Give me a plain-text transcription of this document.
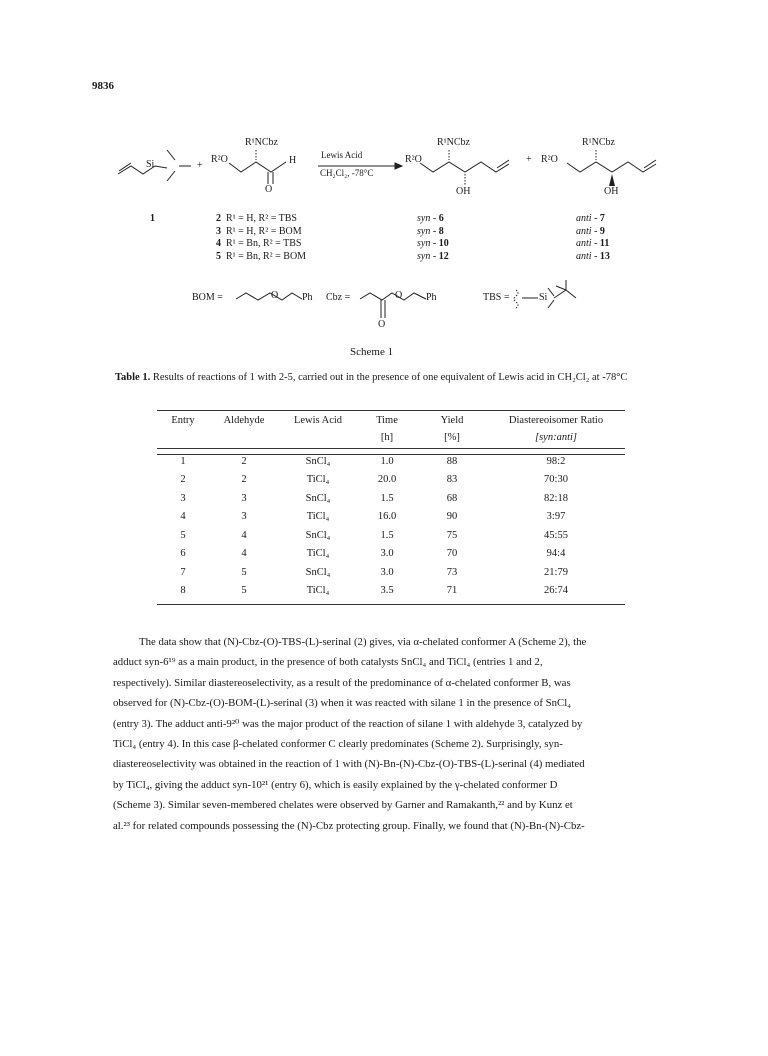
9836
Si	+
R²O
R¹NCbz
H
O
Lewis Acid
CH₂Cl₂, -78°C
R²O
R¹NCbz
OH
+ R²O
R¹NCbz
OH
1	2 R¹ = H, R² = TBS
3 R¹ = H, R² = BOM
4 R¹ = Bn, R² = TBS
5 R¹ = Bn, R² = BOM
syn - 6
syn - 8
syn - 10
syn - 12
anti - 7
anti - 9
anti - 11
anti - 13
BOM =	O Ph Cbz =	O Ph
O
TBS =	Si
Scheme 1
Table 1. Results of reactions of 1 with 2-5, carried out in the presence of one equivalent of Lewis acid in CH₂Cl₂ at -78°C
Entry	Aldehyde	Lewis Acid	Time	Yield	Diastereoisomer Ratio
			[h]	[%]	[syn:anti]

1	2	SnCl₄	1.0	88	98:2
2	2	TiCl₄	20.0	83	70:30
3	3	SnCl₄	1.5	68	82:18
4	3	TiCl₄	16.0	90	3:97
5	4	SnCl₄	1.5	75	45:55
6	4	TiCl₄	3.0	70	94:4
7	5	SnCl₄	3.0	73	21:79
8	5	TiCl₄	3.5	71	26:74
The data show that (N)-Cbz-(O)-TBS-(L)-serinal (2) gives, via α-chelated conformer A (Scheme 2), the
adduct syn-6¹⁹ as a main product, in the presence of both catalysts SnCl₄ and TiCl₄ (entries 1 and 2,
respectively). Similar diastereoselectivity, as a result of the predominance of α-chelated conformer B, was
observed for (N)-Cbz-(O)-BOM-(L)-serinal (3) when it was reacted with silane 1 in the presence of SnCl₄
(entry 3). The adduct anti-9²⁰ was the major product of the reaction of silane 1 with aldehyde 3, catalyzed by
TiCl₄ (entry 4). In this case β-chelated conformer C clearly predominates (Scheme 2). Surprisingly, syn-
diastereoselectivity was obtained in the reaction of 1 with (N)-Bn-(N)-Cbz-(O)-TBS-(L)-serinal (4) mediated
by TiCl₄, giving the adduct syn-10²¹ (entry 6), which is easily explained by the γ-chelated conformer D
(Scheme 3). Similar seven-membered chelates were observed by Garner and Ramakanth,²² and by Kunz et
al.²³ for related compounds possessing the (N)-Cbz protecting group. Finally, we found that (N)-Bn-(N)-Cbz-
